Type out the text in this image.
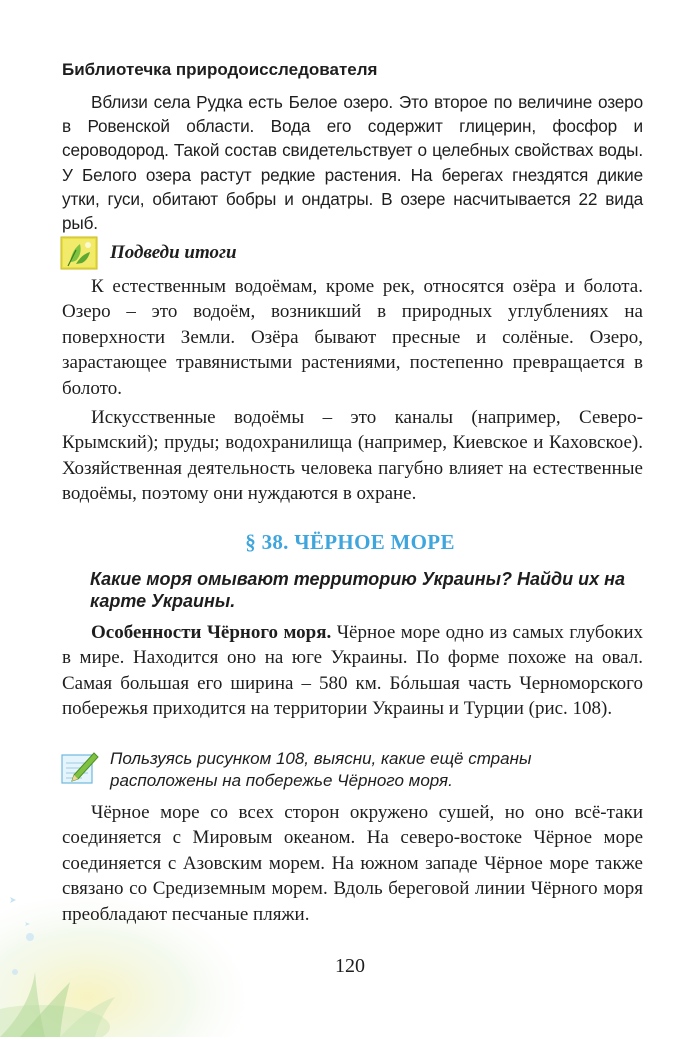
Библиотечка природоисследователя

Вблизи села Рудка есть Белое озеро. Это второе по величине озеро в Ровенской области. Вода его содержит глицерин, фосфор и сероводород. Такой состав свидетельствует о целебных свойствах воды. У Белого озера растут редкие растения. На берегах гнездятся дикие утки, гуси, обитают бобры и ондатры. В озере насчитывается 22 вида рыб.

Подведи итоги

К естественным водоёмам, кроме рек, относятся озёра и болота. Озеро – это водоём, возникший в природных углублениях на поверхности Земли. Озёра бывают пресные и солёные. Озеро, зарастающее травянистыми растениями, постепенно превращается в болото.

Искусственные водоёмы – это каналы (например, Северо-Крымский); пруды; водохранилища (например, Киевское и Каховское). Хозяйственная деятельность человека пагубно влияет на естественные водоёмы, поэтому они нуждаются в охране.

§ 38. ЧЁРНОЕ МОРЕ

Какие моря омывают территорию Украины? Найди их на карте Украины.

Особенности Чёрного моря. Чёрное море одно из самых глубоких в мире. Находится оно на юге Украины. По форме похоже на овал. Самая большая его ширина – 580 км. Бóльшая часть Черноморского побережья приходится на территории Украины и Турции (рис. 108).

Пользуясь рисунком 108, выясни, какие ещё страны расположены на побережье Чёрного моря.

Чёрное море со всех сторон окружено сушей, но оно всё-таки соединяется с Мировым океаном. На северо-востоке Чёрное море соединяется с Азовским морем. На южном западе Чёрное море также связано со Средиземным морем. Вдоль береговой линии Чёрного моря преобладают песчаные пляжи.

120
